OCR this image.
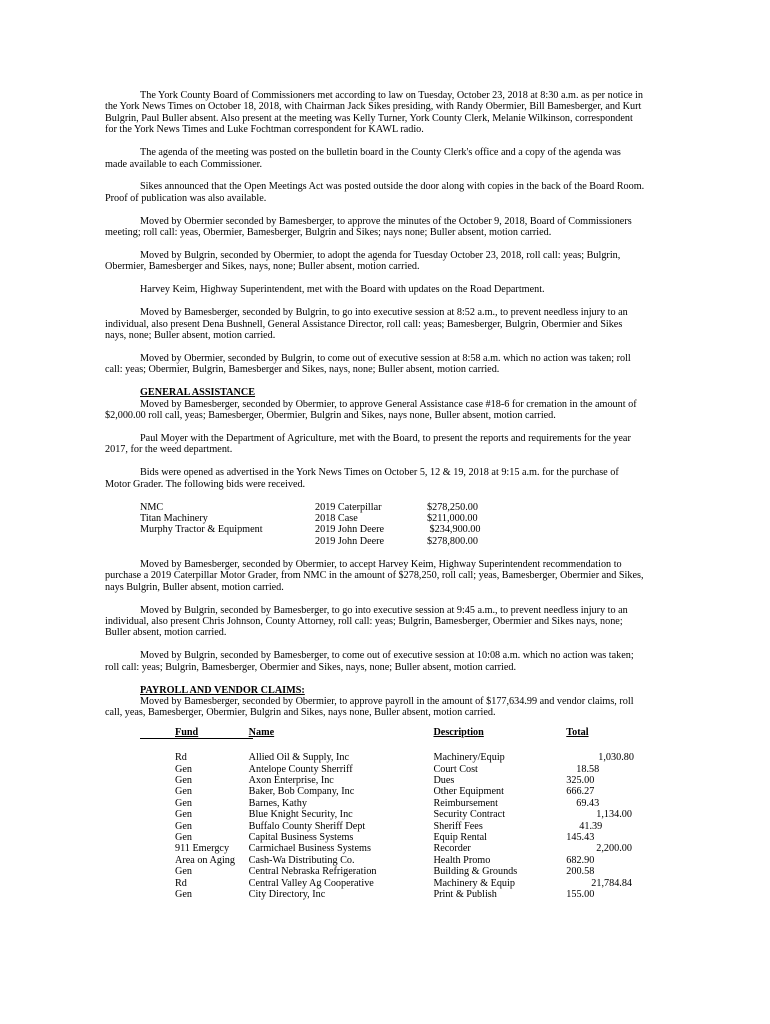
The York County Board of Commissioners met according to law on Tuesday, October 23, 2018 at 8:30 a.m. as per notice in the York News Times on October 18, 2018, with Chairman Jack Sikes presiding, with Randy Obermier, Bill Bamesberger, and Kurt Bulgrin, Paul Buller absent. Also present at the meeting was Kelly Turner, York County Clerk, Melanie Wilkinson, correspondent for the York News Times and Luke Fochtman correspondent for KAWL radio.

The agenda of the meeting was posted on the bulletin board in the County Clerk's office and a copy of the agenda was made available to each Commissioner.

Sikes announced that the Open Meetings Act was posted outside the door along with copies in the back of the Board Room. Proof of publication was also available.

Moved by Obermier seconded by Bamesberger, to approve the minutes of the October 9, 2018, Board of Commissioners meeting; roll call: yeas, Obermier, Bamesberger, Bulgrin and Sikes; nays none; Buller absent, motion carried.

Moved by Bulgrin, seconded by Obermier, to adopt the agenda for Tuesday October 23, 2018, roll call: yeas; Bulgrin, Obermier, Bamesberger and Sikes, nays, none; Buller absent, motion carried.

Harvey Keim, Highway Superintendent, met with the Board with updates on the Road Department.

Moved by Bamesberger, seconded by Bulgrin, to go into executive session at 8:52 a.m., to prevent needless injury to an individual, also present Dena Bushnell, General Assistance Director, roll call: yeas; Bamesberger, Bulgrin, Obermier and Sikes nays, none; Buller absent, motion carried.

Moved by Obermier, seconded by Bulgrin, to come out of executive session at 8:58 a.m. which no action was taken; roll call: yeas; Obermier, Bulgrin, Bamesberger and Sikes, nays, none; Buller absent, motion carried.

GENERAL ASSISTANCE

Moved by Bamesberger, seconded by Obermier, to approve General Assistance case #18-6 for cremation in the amount of $2,000.00 roll call, yeas; Bamesberger, Obermier, Bulgrin and Sikes, nays none, Buller absent, motion carried.

Paul Moyer with the Department of Agriculture, met with the Board, to present the reports and requirements for the year 2017, for the weed department.

Bids were opened as advertised in the York News Times on October 5, 12 & 19, 2018 at 9:15 a.m. for the purchase of Motor Grader. The following bids were received.

NMC	2019 Caterpillar	$278,250.00
Titan Machinery	2018 Case	$211,000.00
Murphy Tractor & Equipment	2019 John Deere	$234,900.00
	2019 John Deere	$278,800.00

Moved by Bamesberger, seconded by Obermier, to accept Harvey Keim, Highway Superintendent recommendation to purchase a 2019 Caterpillar Motor Grader, from NMC in the amount of $278,250, roll call; yeas, Bamesberger, Obermier and Sikes, nays Bulgrin, Buller absent, motion carried.

Moved by Bulgrin, seconded by Bamesberger, to go into executive session at 9:45 a.m., to prevent needless injury to an individual, also present Chris Johnson, County Attorney, roll call: yeas; Bulgrin, Bamesberger, Obermier and Sikes nays, none; Buller absent, motion carried.

Moved by Bulgrin, seconded by Bamesberger, to come out of executive session at 10:08 a.m. which no action was taken; roll call: yeas; Bulgrin, Bamesberger, Obermier and Sikes, nays, none; Buller absent, motion carried.

PAYROLL AND VENDOR CLAIMS:

Moved by Bamesberger, seconded by Obermier, to approve payroll in the amount of $177,634.99 and vendor claims, roll call, yeas, Bamesberger, Obermier, Bulgrin and Sikes, nays none, Buller absent, motion carried.

Fund	Name	Description	Total

Rd	Allied Oil & Supply, Inc	Machinery/Equip	1,030.80
Gen	Antelope County Sherriff	Court Cost	18.58
Gen	Axon Enterprise, Inc	Dues	325.00
Gen	Baker, Bob Company, Inc	Other Equipment	666.27
Gen	Barnes, Kathy	Reimbursement	69.43
Gen	Blue Knight Security, Inc	Security Contract	1,134.00
Gen	Buffalo County Sheriff Dept	Sheriff Fees	41.39
Gen	Capital Business Systems	Equip Rental	145.43
911 Emergcy	Carmichael Business Systems	Recorder	2,200.00
Area on Aging	Cash-Wa Distributing Co.	Health Promo	682.90
Gen	Central Nebraska Refrigeration	Building & Grounds	200.58
Rd	Central Valley Ag Cooperative	Machinery & Equip	21,784.84
Gen	City Directory, Inc	Print & Publish	155.00
